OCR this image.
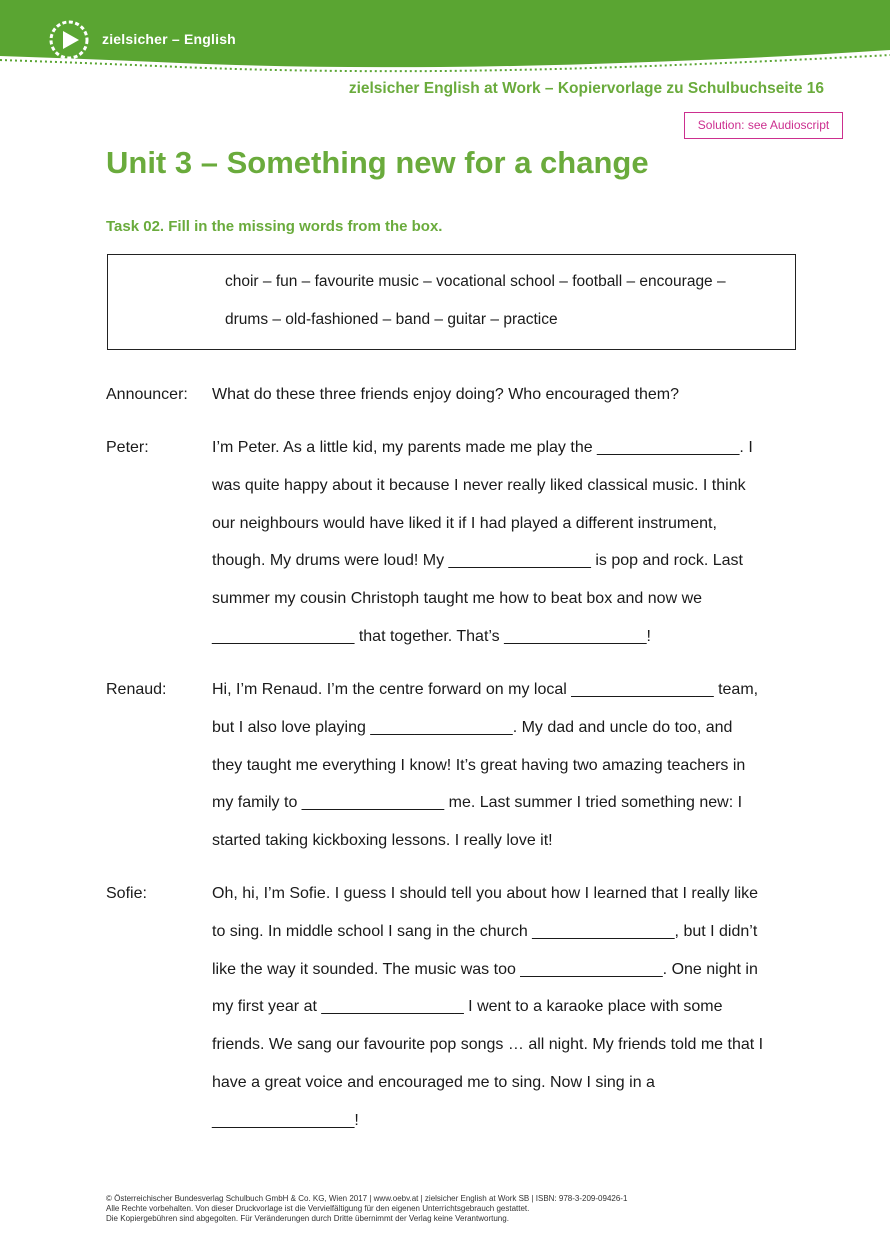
zielsicher – English
zielsicher English at Work – Kopiervorlage zu Schulbuchseite 16
Solution: see Audioscript
Unit 3 – Something new for a change
Task 02. Fill in the missing words from the box.
choir – fun – favourite music – vocational school – football – encourage –
drums – old-fashioned – band – guitar – practice
Announcer: What do these three friends enjoy doing? Who encouraged them?
Peter:	I’m Peter. As a little kid, my parents made me play the ________________. I
was quite happy about it because I never really liked classical music. I think
our neighbours would have liked it if I had played a different instrument,
though. My drums were loud! My ________________ is pop and rock. Last
summer my cousin Christoph taught me how to beat box and now we
________________ that together. That’s ________________!
Renaud:	Hi, I’m Renaud. I’m the centre forward on my local ________________ team,
but I also love playing ________________. My dad and uncle do too, and
they taught me everything I know! It’s great having two amazing teachers in
my family to ________________ me. Last summer I tried something new: I
started taking kickboxing lessons. I really love it!
Sofie:	Oh, hi, I’m Sofie. I guess I should tell you about how I learned that I really like
to sing. In middle school I sang in the church ________________, but I didn’t
like the way it sounded. The music was too ________________. One night in
my first year at ________________ I went to a karaoke place with some
friends. We sang our favourite pop songs … all night. My friends told me that I
have a great voice and encouraged me to sing. Now I sing in a
________________!
© Österreichischer Bundesverlag Schulbuch GmbH & Co. KG, Wien 2017 | www.oebv.at | zielsicher English at Work SB | ISBN: 978-3-209-09426-1
Alle Rechte vorbehalten. Von dieser Druckvorlage ist die Vervielfältigung für den eigenen Unterrichtsgebrauch gestattet.
Die Kopiergebühren sind abgegolten. Für Veränderungen durch Dritte übernimmt der Verlag keine Verantwortung.
